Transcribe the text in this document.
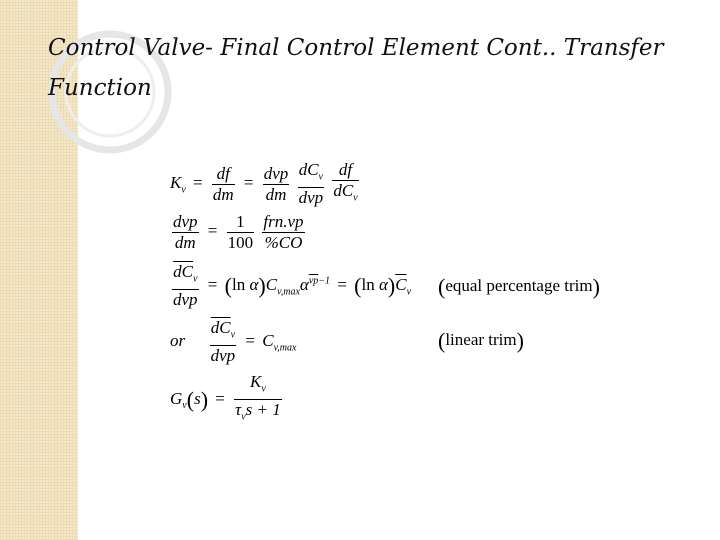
Control Valve- Final Control Element Cont.. Transfer Function
$K_v = \frac{df}{dm} = \frac{\text{dvp}}{dm}$
$\frac{dC_v}{\text{dvp}}$
$\frac{df}{dC_v}$
$\frac{\text{dvp}}{dm} = \frac{1}{100}$
$\frac{\text{frn.vp}}{\%CO}$
$\frac{\overline{dC}_v}{\text{dvp}} = (\ln$ $\alpha)C_{v,max}\alpha^{\overline{vp}-1} = (\ln$ $\alpha)\overline{C}_v$ (equal percentage trim)
or $\frac{\overline{dC}_v}{\text{dvp}} = C_{v,max}$	(linear trim)
$G_v(s) = \frac{K_v}{\tau_vs + 1}$
